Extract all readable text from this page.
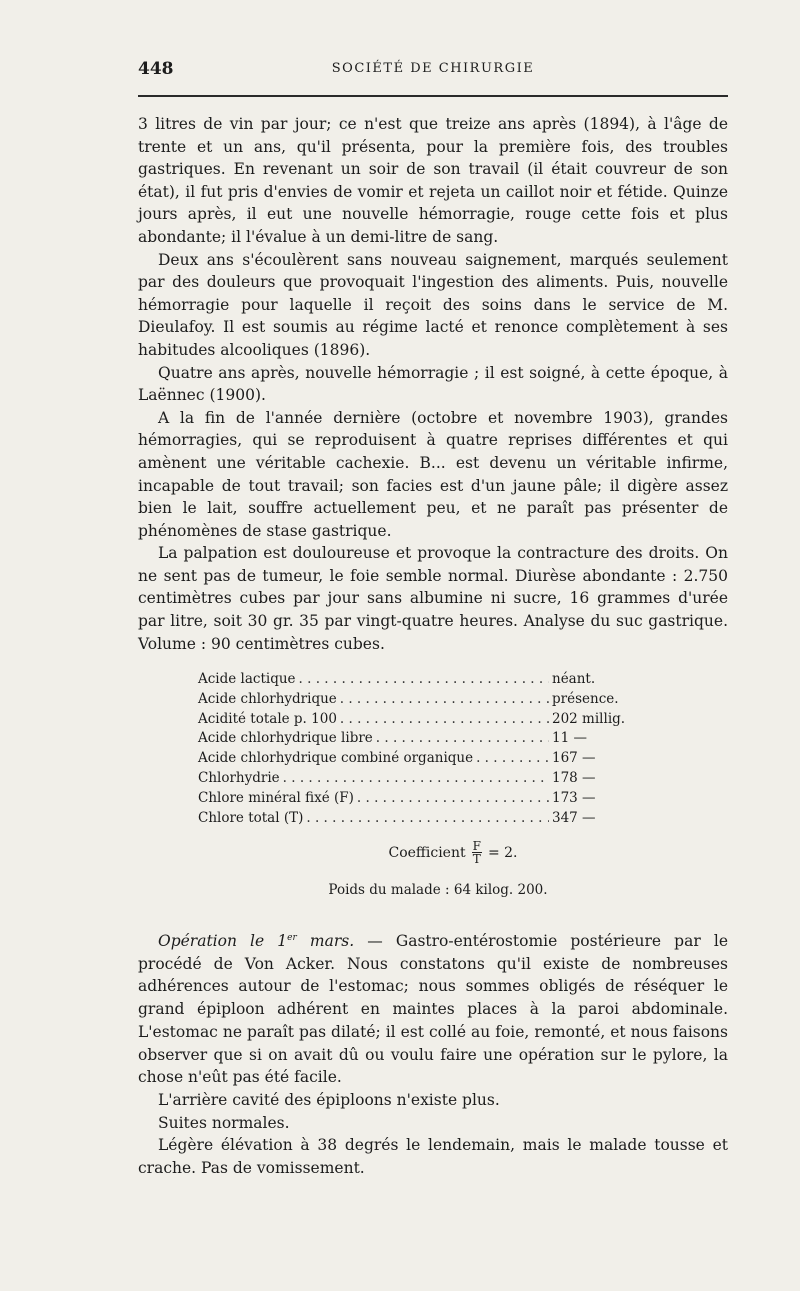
448	SOCIÉTÉ DE CHIRURGIE

3 litres de vin par jour; ce n'est que treize ans après (1894), à l'âge de trente et un ans, qu'il présenta, pour la première fois, des troubles gastriques. En revenant un soir de son travail (il était couvreur de son état), il fut pris d'envies de vomir et rejeta un caillot noir et fétide. Quinze jours après, il eut une nouvelle hémorragie, rouge cette fois et plus abondante; il l'évalue à un demi-litre de sang.

Deux ans s'écoulèrent sans nouveau saignement, marqués seulement par des douleurs que provoquait l'ingestion des aliments. Puis, nouvelle hémorragie pour laquelle il reçoit des soins dans le service de M. Dieulafoy. Il est soumis au régime lacté et renonce complètement à ses habitudes alcooliques (1896).

Quatre ans après, nouvelle hémorragie ; il est soigné, à cette époque, à Laënnec (1900).

A la fin de l'année dernière (octobre et novembre 1903), grandes hémorragies, qui se reproduisent à quatre reprises différentes et qui amènent une véritable cachexie. B... est devenu un véritable infirme, incapable de tout travail; son facies est d'un jaune pâle; il digère assez bien le lait, souffre actuellement peu, et ne paraît pas présenter de phénomènes de stase gastrique.

La palpation est douloureuse et provoque la contracture des droits. On ne sent pas de tumeur, le foie semble normal. Diurèse abondante : 2.750 centimètres cubes par jour sans albumine ni sucre, 16 grammes d'urée par litre, soit 30 gr. 35 par vingt-quatre heures. Analyse du suc gastrique. Volume : 90 centimètres cubes.

Acide lactique . . .	néant.
Acide chlorhydrique . . .	présence.
Acidité totale p. 100 . . .	202 millig.
Acide chlorhydrique libre . . .	11 —
Acide chlorhydrique combiné organique . . .	167 —
Chlorhydrie . . .	178 —
Chlore minéral fixé (F) . . .	173 —
Chlore total (T) . . .	347 —
Coefficient $\frac{F}{T} = 2$.
Poids du malade : 64 kilog. 200.

Opération le 1er mars. — Gastro-entérostomie postérieure par le procédé de Von Acker. Nous constatons qu'il existe de nombreuses adhérences autour de l'estomac; nous sommes obligés de réséquer le grand épiploon adhérent en maintes places à la paroi abdominale. L'estomac ne paraît pas dilaté; il est collé au foie, remonté, et nous faisons observer que si on avait dû ou voulu faire une opération sur le pylore, la chose n'eût pas été facile.

L'arrière cavité des épiploons n'existe plus.

Suites normales.

Légère élévation à 38 degrés le lendemain, mais le malade tousse et crache. Pas de vomissement.
